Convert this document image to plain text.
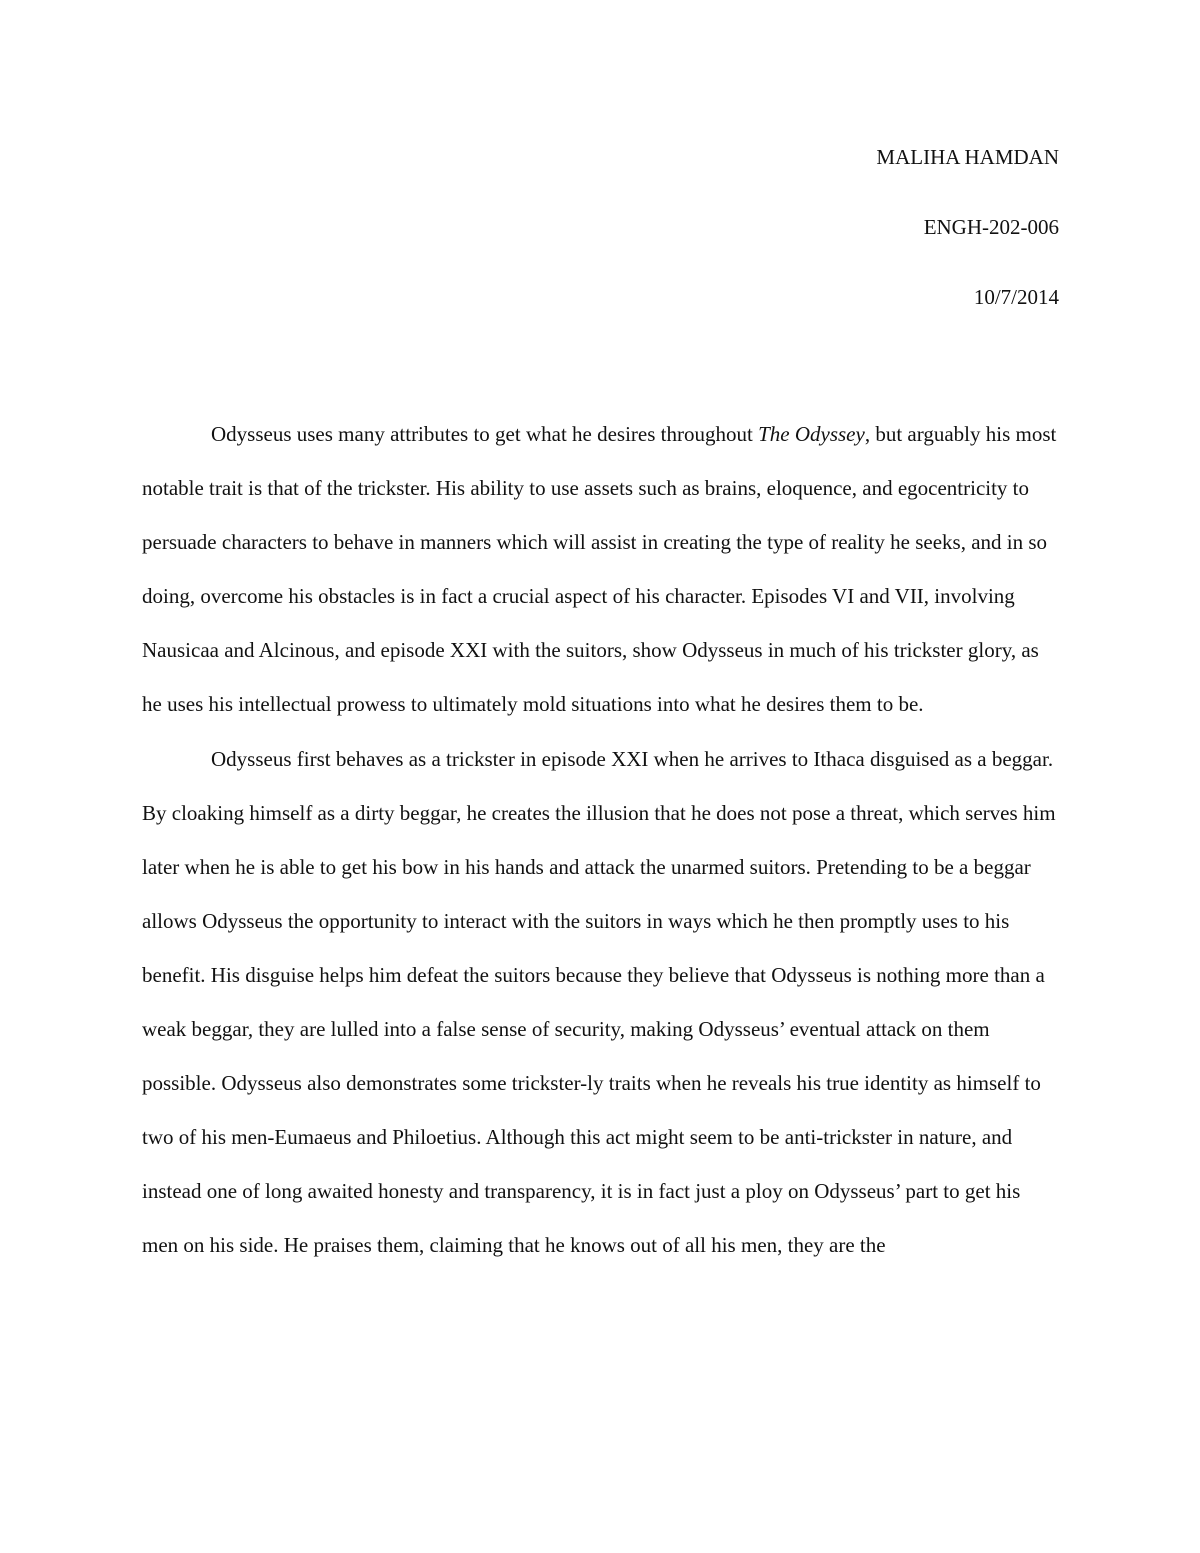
MALIHA HAMDAN
ENGH-202-006
10/7/2014

Odysseus uses many attributes to get what he desires throughout The Odyssey, but arguably his most notable trait is that of the trickster. His ability to use assets such as brains, eloquence, and egocentricity to persuade characters to behave in manners which will assist in creating the type of reality he seeks, and in so doing, overcome his obstacles is in fact a crucial aspect of his character. Episodes VI and VII, involving Nausicaa and Alcinous, and episode XXI with the suitors, show Odysseus in much of his trickster glory, as he uses his intellectual prowess to ultimately mold situations into what he desires them to be.

Odysseus first behaves as a trickster in episode XXI when he arrives to Ithaca disguised as a beggar. By cloaking himself as a dirty beggar, he creates the illusion that he does not pose a threat, which serves him later when he is able to get his bow in his hands and attack the unarmed suitors. Pretending to be a beggar allows Odysseus the opportunity to interact with the suitors in ways which he then promptly uses to his benefit. His disguise helps him defeat the suitors because they believe that Odysseus is nothing more than a weak beggar, they are lulled into a false sense of security, making Odysseus’ eventual attack on them possible. Odysseus also demonstrates some trickster-ly traits when he reveals his true identity as himself to two of his men-Eumaeus and Philoetius. Although this act might seem to be anti-trickster in nature, and instead one of long awaited honesty and transparency, it is in fact just a ploy on Odysseus’ part to get his men on his side. He praises them, claiming that he knows out of all his men, they are the
